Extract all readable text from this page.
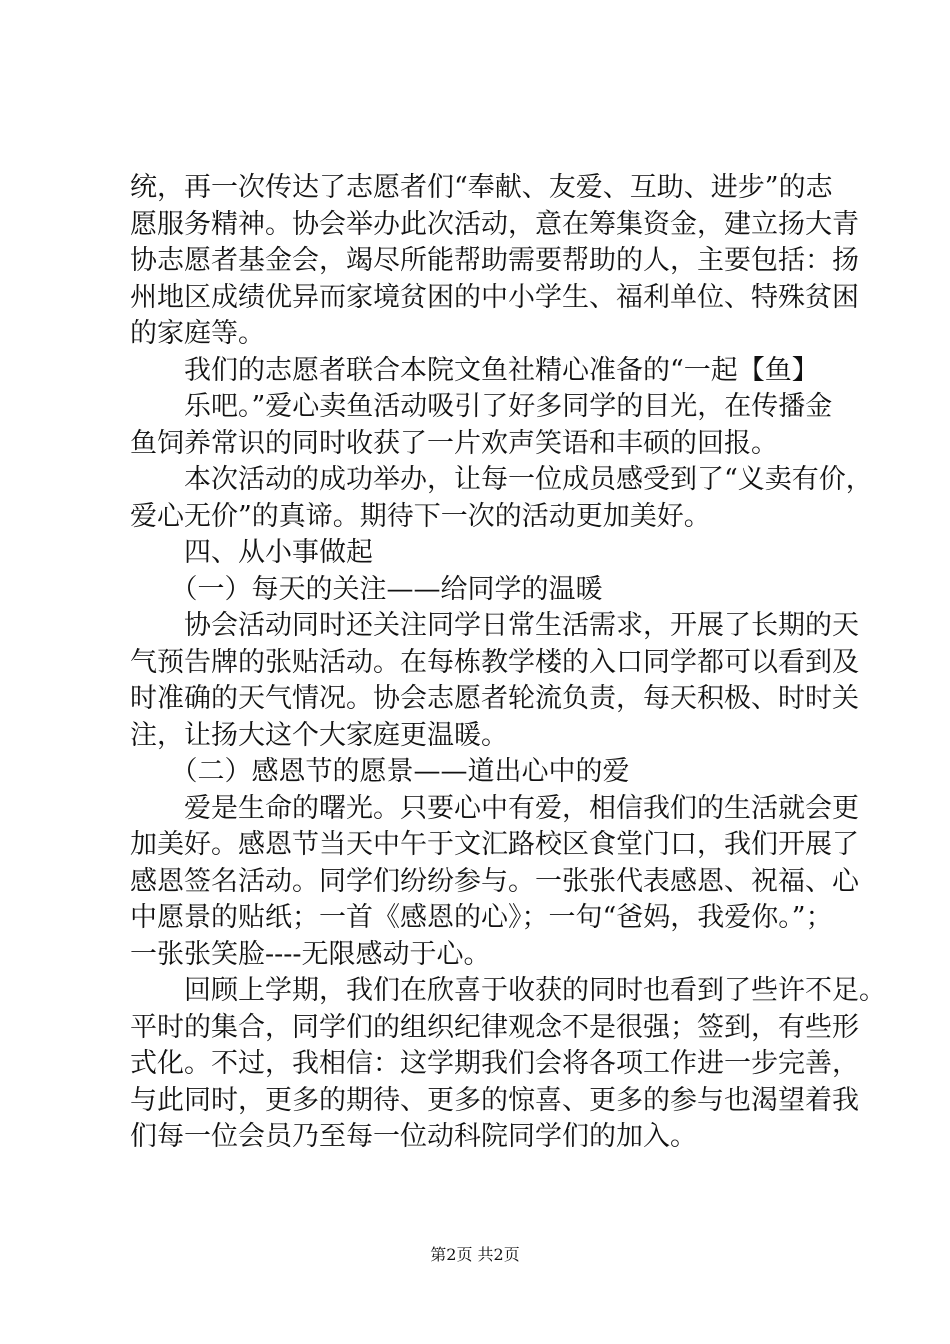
统，再一次传达了志愿者们“奉献、友爱、互助、进步”的志
愿服务精神。协会举办此次活动，意在筹集资金，建立扬大青
协志愿者基金会，竭尽所能帮助需要帮助的人，主要包括：扬
州地区成绩优异而家境贫困的中小学生、福利单位、特殊贫困
的家庭等。
　　我们的志愿者联合本院文鱼社精心准备的“一起【鱼】
　　乐吧。”爱心卖鱼活动吸引了好多同学的目光，在传播金
鱼饲养常识的同时收获了一片欢声笑语和丰硕的回报。
　　本次活动的成功举办，让每一位成员感受到了“义卖有价，
爱心无价”的真谛。期待下一次的活动更加美好。
　　四、从小事做起
　　（一）每天的关注——给同学的温暖
　　协会活动同时还关注同学日常生活需求，开展了长期的天
气预告牌的张贴活动。在每栋教学楼的入口同学都可以看到及
时准确的天气情况。协会志愿者轮流负责，每天积极、时时关
注，让扬大这个大家庭更温暖。
　　（二）感恩节的愿景——道出心中的爱
　　爱是生命的曙光。只要心中有爱，相信我们的生活就会更
加美好。感恩节当天中午于文汇路校区食堂门口，我们开展了
感恩签名活动。同学们纷纷参与。一张张代表感恩、祝福、心
中愿景的贴纸；一首《感恩的心》；一句“爸妈，我爱你。”；
一张张笑脸----无限感动于心。
　　回顾上学期，我们在欣喜于收获的同时也看到了些许不足。
平时的集合，同学们的组织纪律观念不是很强；签到，有些形
式化。不过，我相信：这学期我们会将各项工作进一步完善，
与此同时，更多的期待、更多的惊喜、更多的参与也渴望着我
们每一位会员乃至每一位动科院同学们的加入。
第2页 共2页
